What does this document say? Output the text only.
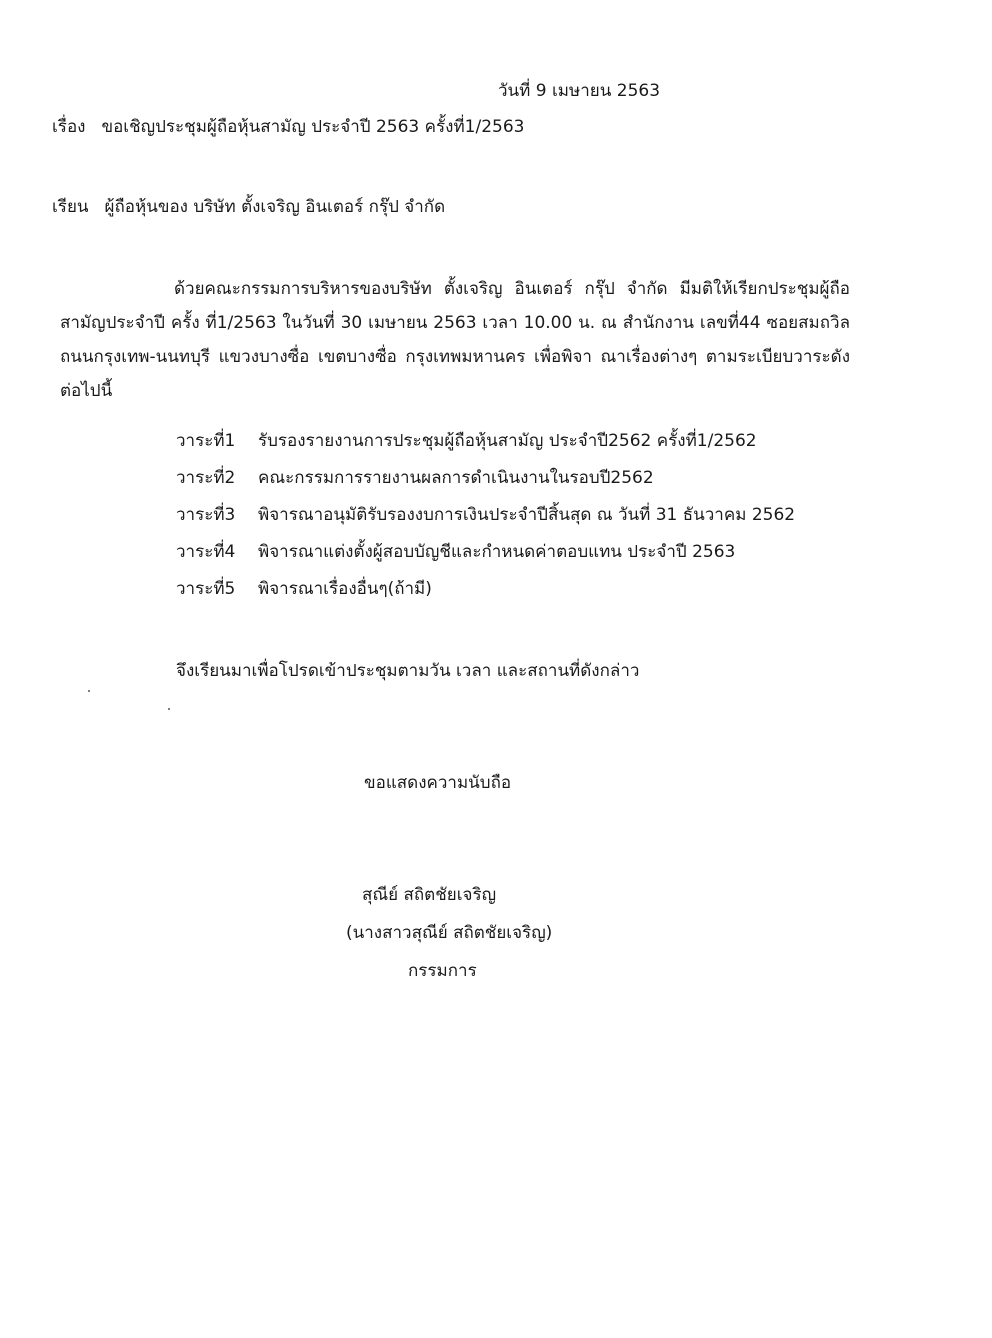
วันที่ 9 เมษายน 2563
เรื่อง ขอเชิญประชุมผู้ถือหุ้นสามัญ ประจำปี 2563 ครั้งที่1/2563
เรียน ผู้ถือหุ้นของ บริษัท ตั้งเจริญ อินเตอร์ กรุ๊ป จำกัด
ด้วยคณะกรรมการบริหารของบริษัท ตั้งเจริญ อินเตอร์ กรุ๊ป จำกัด มีมติให้เรียกประชุมผู้ถือสามัญประจำปี ครั้ง ที่1/2563 ในวันที่ 30 เมษายน 2563 เวลา 10.00 น. ณ สำนักงาน เลขที่44 ซอยสมถวิล ถนนกรุงเทพ-นนทบุรี แขวงบางซื่อ เขตบางซื่อ กรุงเทพมหานคร เพื่อพิจา ณาเรื่องต่างๆ ตามระเบียบวาระดังต่อไปนี้
วาระที่1 รับรองรายงานการประชุมผู้ถือหุ้นสามัญ ประจำปี2562 ครั้งที่1/2562
วาระที่2 คณะกรรมการรายงานผลการดำเนินงานในรอบปี2562
วาระที่3 พิจารณาอนุมัติรับรองงบการเงินประจำปีสิ้นสุด ณ วันที่ 31 ธันวาคม 2562
วาระที่4 พิจารณาแต่งตั้งผู้สอบบัญชีและกำหนดค่าตอบแทน ประจำปี 2563
วาระที่5 พิจารณาเรื่องอื่นๆ(ถ้ามี)
จึงเรียนมาเพื่อโปรดเข้าประชุมตามวัน เวลา และสถานที่ดังกล่าว
ขอแสดงความนับถือ
สุณีย์ สถิตชัยเจริญ
(นางสาวสุณีย์ สถิตชัยเจริญ)
กรรมการ
